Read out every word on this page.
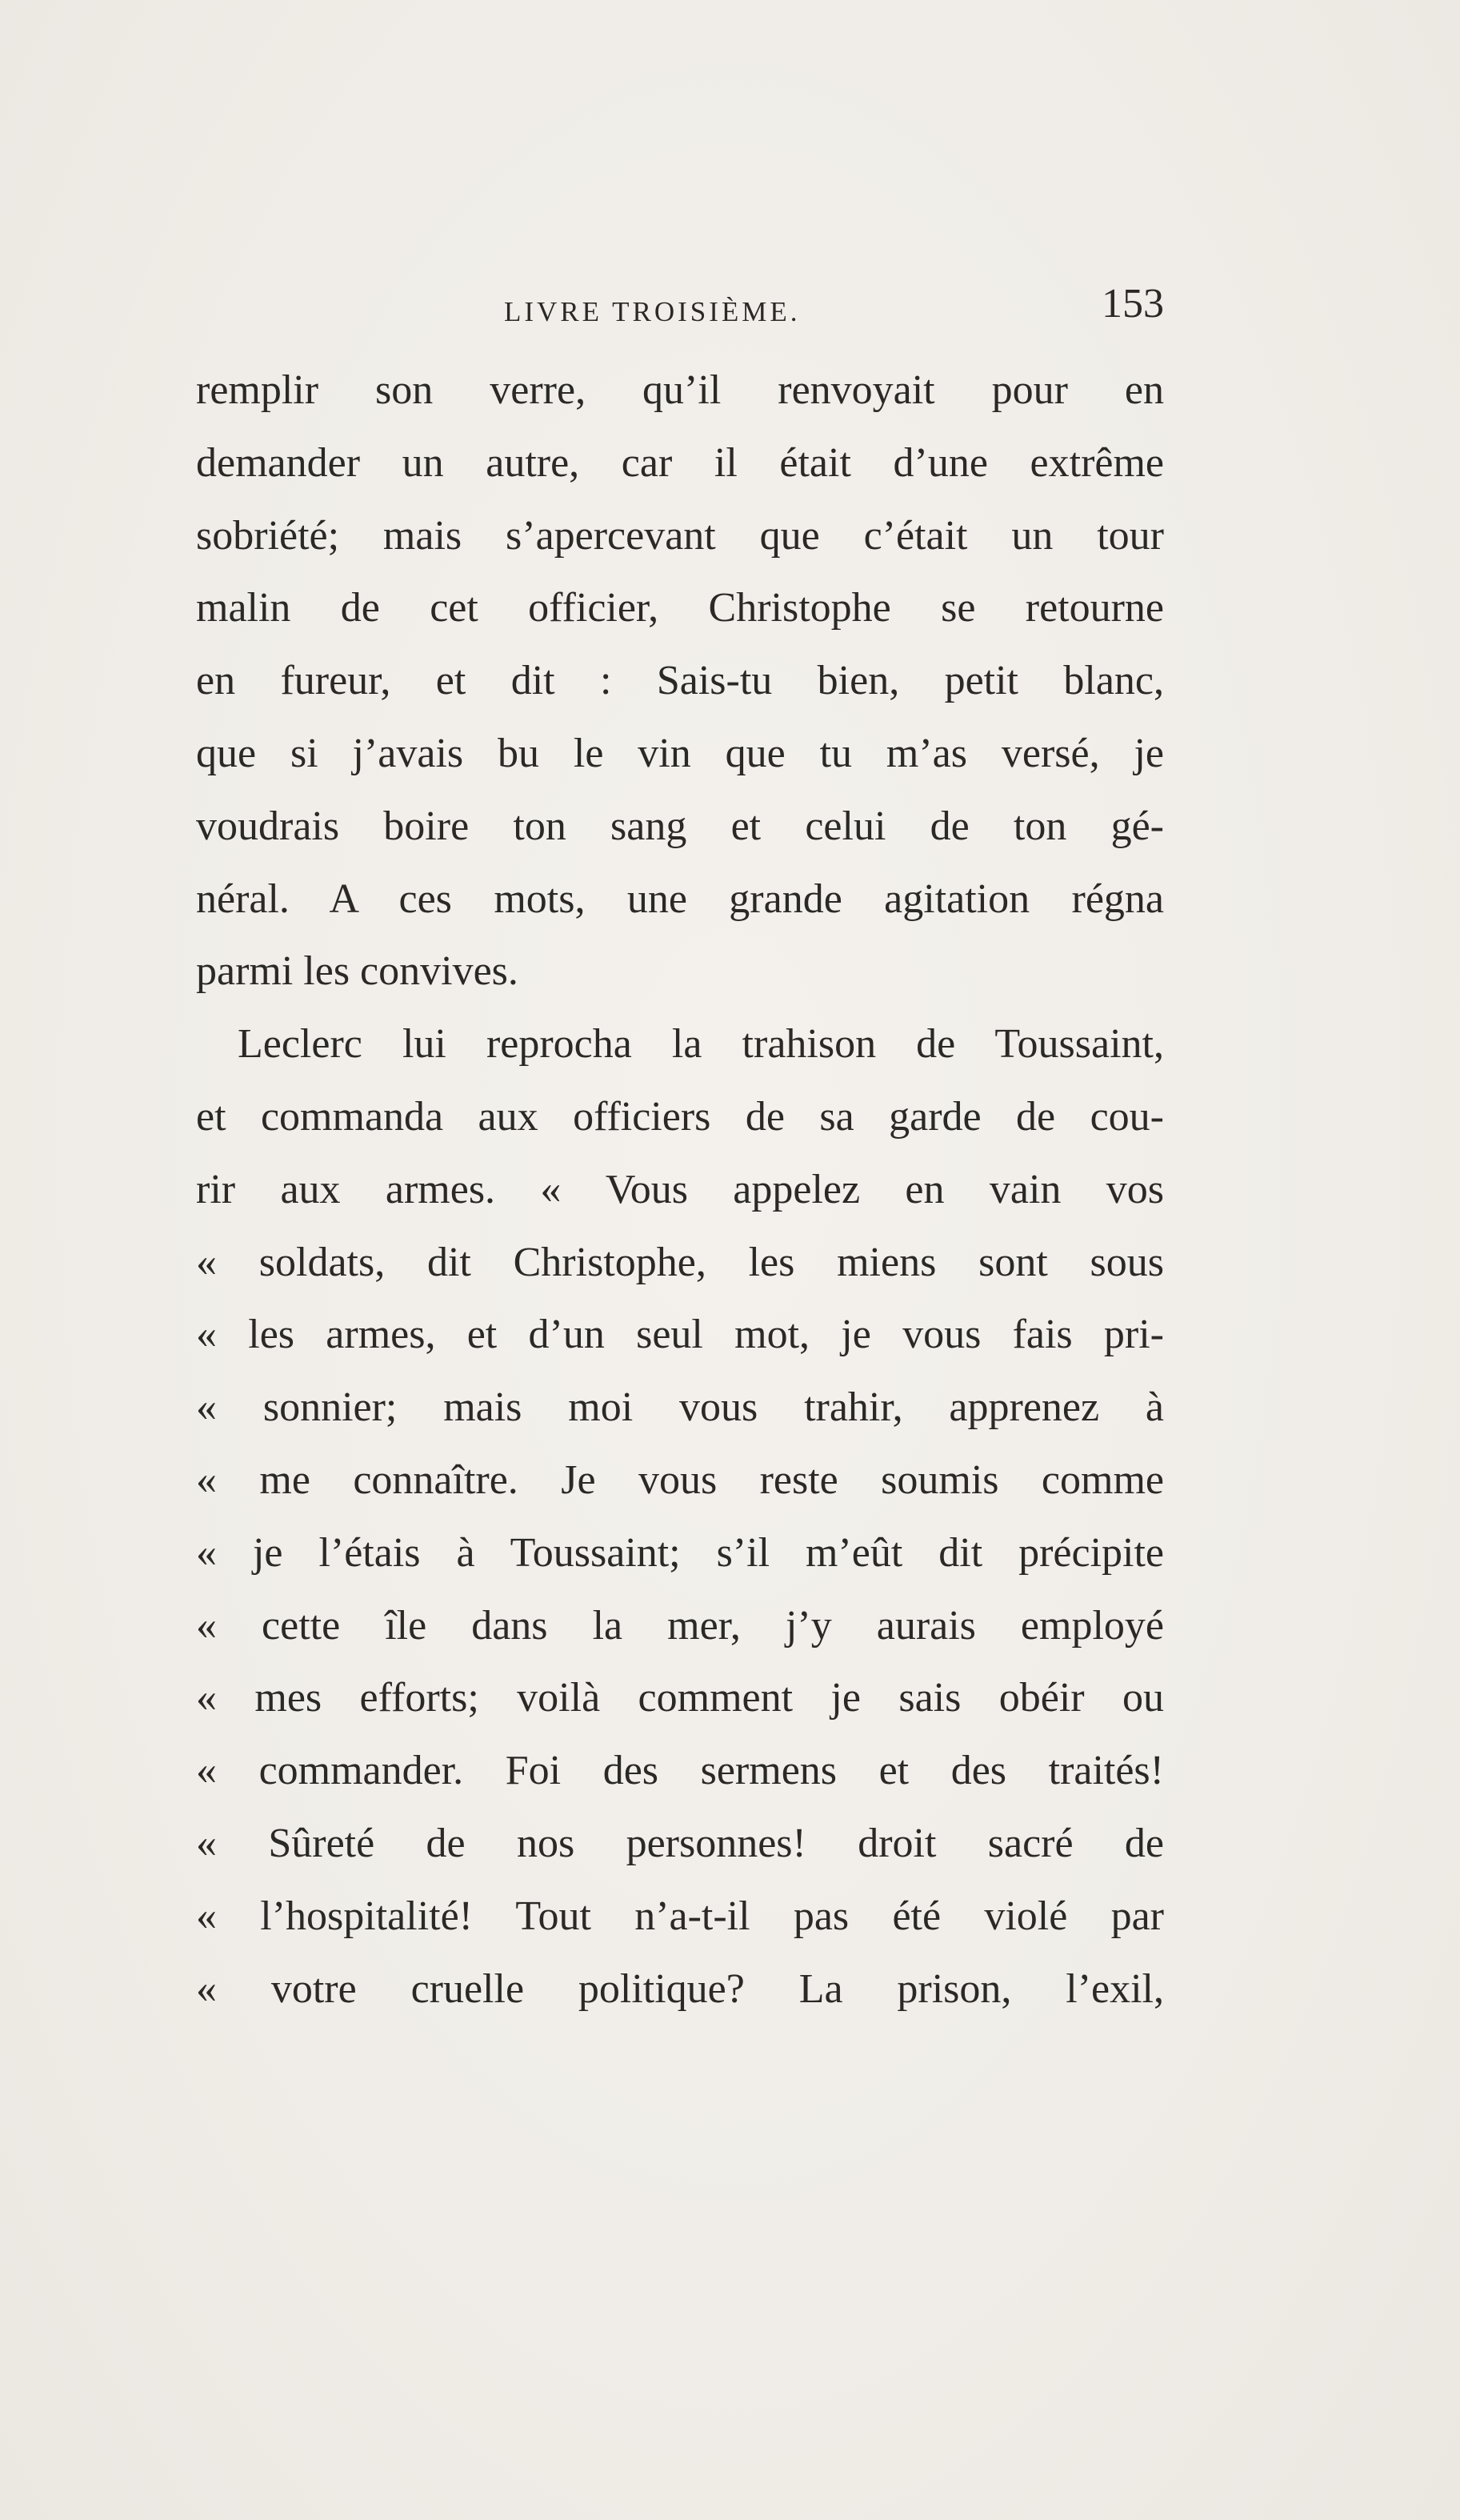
LIVRE TROISIÈME.	153
remplir son verre, qu’il renvoyait pour en
demander un autre, car il était d’une extrême
sobriété; mais s’apercevant que c’était un tour
malin de cet officier, Christophe se retourne
en fureur, et dit : Sais-tu bien, petit blanc,
que si j’avais bu le vin que tu m’as versé, je
voudrais boire ton sang et celui de ton gé-
néral. A ces mots, une grande agitation régna
parmi les convives.
Leclerc lui reprocha la trahison de Toussaint,
et commanda aux officiers de sa garde de cou-
rir aux armes. « Vous appelez en vain vos
« soldats, dit Christophe, les miens sont sous
« les armes, et d’un seul mot, je vous fais pri-
« sonnier; mais moi vous trahir, apprenez à
« me connaître. Je vous reste soumis comme
« je l’étais à Toussaint; s’il m’eût dit précipite
« cette île dans la mer, j’y aurais employé
« mes efforts; voilà comment je sais obéir ou
« commander. Foi des sermens et des traités!
« Sûreté de nos personnes! droit sacré de
« l’hospitalité! Tout n’a-t-il pas été violé par
« votre cruelle politique? La prison, l’exil,
